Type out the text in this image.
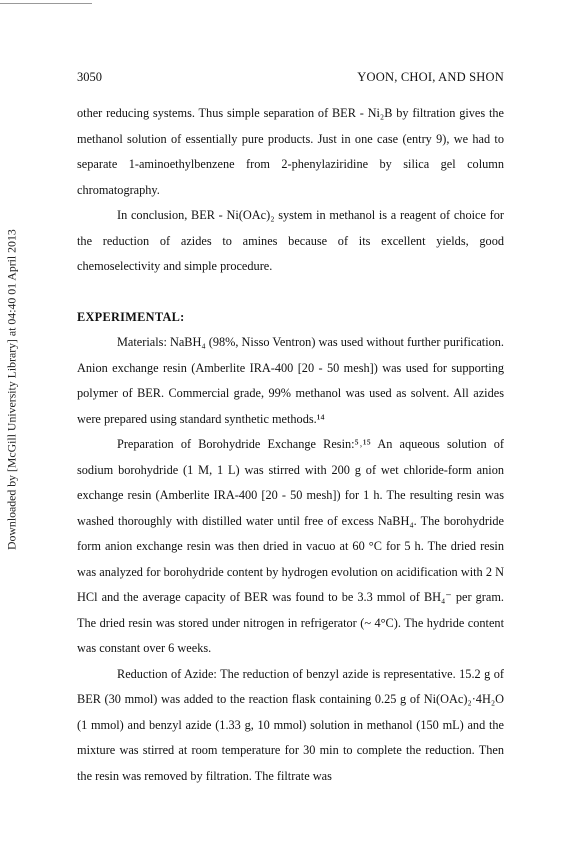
3050	YOON, CHOI, AND SHON
Downloaded by [McGill University Library] at 04:40 01 April 2013

other reducing systems. Thus simple separation of BER - Ni₂B by filtration gives the methanol solution of essentially pure products. Just in one case (entry 9), we had to separate 1-aminoethylbenzene from 2-phenylaziridine by silica gel column chromatography.

In conclusion, BER - Ni(OAc)₂ system in methanol is a reagent of choice for the reduction of azides to amines because of its excellent yields, good chemoselectivity and simple procedure.

EXPERIMENTAL:

Materials: NaBH₄ (98%, Nisso Ventron) was used without further purification. Anion exchange resin (Amberlite IRA-400 [20 - 50 mesh]) was used for supporting polymer of BER. Commercial grade, 99% methanol was used as solvent. All azides were prepared using standard synthetic methods.¹⁴

Preparation of Borohydride Exchange Resin:⁵˒¹⁵ An aqueous solution of sodium borohydride (1 M, 1 L) was stirred with 200 g of wet chloride-form anion exchange resin (Amberlite IRA-400 [20 - 50 mesh]) for 1 h. The resulting resin was washed thoroughly with distilled water until free of excess NaBH₄. The borohydride form anion exchange resin was then dried in vacuo at 60 °C for 5 h. The dried resin was analyzed for borohydride content by hydrogen evolution on acidification with 2 N HCl and the average capacity of BER was found to be 3.3 mmol of BH₄⁻ per gram. The dried resin was stored under nitrogen in refrigerator (~ 4°C). The hydride content was constant over 6 weeks.

Reduction of Azide: The reduction of benzyl azide is representative. 15.2 g of BER (30 mmol) was added to the reaction flask containing 0.25 g of Ni(OAc)₂·4H₂O (1 mmol) and benzyl azide (1.33 g, 10 mmol) solution in methanol (150 mL) and the mixture was stirred at room temperature for 30 min to complete the reduction. Then the resin was removed by filtration. The filtrate was
